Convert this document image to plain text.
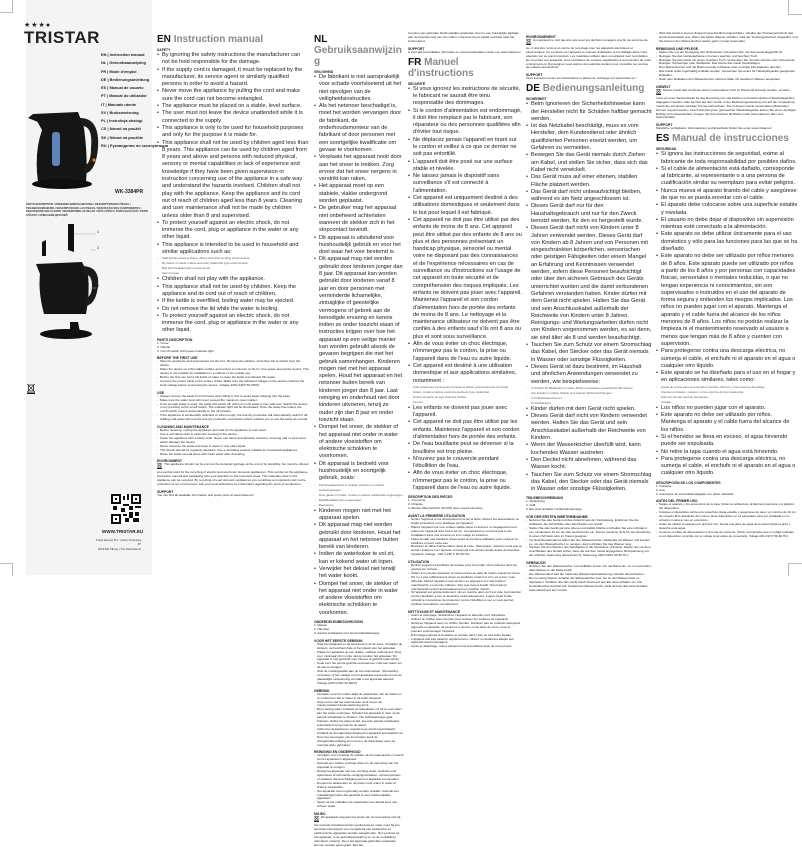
★★★●
TRISTAR
EN | Instruction manual
NL | Gebruiksaanwijzing
FR | Mode d'emploi
DE | Bedienungsanleitung
ES | Manual de usuario
PT | Manual do utilizador
IT | Manuale utente
SV | Bruksanvisning
PL | Instrukcja obsługi
CS | Návod na použití
SK | Návod na použitie
RU | Руководство по эксплуатации
WK-3384PR
PARTS DESCRIPTION / ONDERDELENBESCHRIJVING / DESCRIPTION DES PIÈCES / TEILEBESCHREIBUNG / DESCRIPCIÓN DE LAS PIEZAS / DESCRIÇÃO DOS COMPONENTES / DESCRIZIONE DELLE PARTI / BESKRIVNING AV DELAR / OPIS CZĘŚCI / POPIS SOUČÁSTÍ / POPIS SÚČASTÍ / ОПИСАНИЕ ДЕТАЛЕЙ
1
2
3
WWW.TRISTAR.EU
Tristar Europe B.V. | Jules Verneweg 87
5015 BH Tilburg | The Netherlands
EN Instruction manual
SAFETY
• By ignoring the safety instructions the manufacturer can not be hold responsible for the damage.
• If the supply cord is damaged, it must be replaced by the manufacturer, its service agent or similarly qualified persons in order to avoid a hazard.
• Never move the appliance by pulling the cord and make sure the cord can not become entangled.
• The appliance must be placed on a stable, level surface.
• The user must not leave the device unattended while it is connected to the supply.
• This appliance is only to be used for household purposes and only for the purpose it is made for.
• This appliance shall not be used by children aged less than 8 years. This appliance can be used by children aged from 8 years and above and persons with reduced physical, sensory or mental capabilities or lack of experience and knowledge if they have been given supervision or instruction concerning use of the appliance in a safe way and understand the hazards involved. Children shall not play with the appliance. Keep the appliance and its cord out of reach of children aged less than 8 years. Cleaning and user maintenance shall not be made by children unless older than 8 and supervised.
• To protect yourself against an electric shock, do not immerse the cord, plug or appliance in the water or any other liquid.
• This appliance is intended to be used in household and similar applications such as:
- Staff kitchen areas in shops, offices and other working environments.
- By clients in hotels, motels and other residential type environments.
- Bed and breakfast type environments.
- Farm houses.
• Children shall not play with the appliance.
• This appliance shall not be used by children. Keep the appliance and its cord out of reach of children.
• If the kettle is overfilled, boiling water may be ejected.
• Do not remove the lid while the water is boiling.
• To protect yourself against an electric shock, do not immerse the cord, plug or appliance in the water or any other liquid.
PARTS DESCRIPTION
1. Cover
2. Handle
3. On/ off switch with power indicator light
BEFORE THE FIRST USE
- Take the appliance and accessories out the box. Remove the stickers, protective foil or plastic from the device.
- Place the device on a flat stable surface and ensure a minimum of 10 cm. free space around the device. This device is not suitable for installation in a cabinet or for outside use.
- Before the first use boil a full kettle of water to clean the kettle and discard this water.
- Connect the power cable to the socket. (Note: Make sure the indicated voltage on the device matches the local voltage before connecting the device. Voltage 220V-240V 50-60Hz)
USE
- Always remove the kettle from the base when filling it, this to avoid water dripping into the base.
- Make sure the water level will never exceed the maximum level marker.
- If not enough water is used, the kettle will switch off, with too much water it may spill over. Switch the device on by pressing at the on/off switch. The indicator light will be illuminated. Once the water has boiled, the on/off switch returns automatically to the off position.
- If the appliance is accidentally switched on when empty, the boil-dry protection will automatically switch it off. Adding cold water will cool the boil-dry protection mechanism which enables you to use the kettle as normal.
CLEANING AND MAINTENANCE
- Before cleaning, unplug the appliance and wait for the appliance to cool down.
- Use a soft damp cloth to clean the housing of the device.
- Clean the appliance with a damp cloth. Never use harsh and abrasive cleaners, scouring pad or steel wool, which damage the device.
- Never immerse the kettle and base in water or any other liquid.
- The device should be regularly descaled. Use a descaling product suitable for household appliances.
- Rinse the kettle several times with clean water after descaling.
ENVIRONMENT

This appliance should not be put into the domestic garbage at the end of its durability, but must be offered at a central point for the recycling of electric and electronic domestic appliances. This symbol on the appliance, instruction manual and packaging puts your attention to this important issue. The materials used in this appliance can be recycled. By recycling of used domestic appliances you contribute an important push to the protection of our environment. Ask your local authorities for information regarding the point of recollection.

SUPPORT

You can find all available information and spare parts at www.tristar.eu!

NL Gebruiksaanwijzing
VEILIGHEID
• De fabrikant is niet aansprakelijk voor schade voortvloeiend uit het niet opvolgen van de veiligheidsinstructies.
• Als het netsnoer beschadigd is, moet het worden vervangen door de fabrikant, de onderhoudsmonteur van de fabrikant of door personen met een soortgelijke kwalificatie om gevaar te voorkomen.
• Verplaats het apparaat nooit door aan het snoer te trekken. Zorg ervoor dat het snoer nergens in verstrikt kan raken.
• Het apparaat moet op een stabiele, vlakke ondergrond worden geplaatst.
• De gebruiker mag het apparaat niet onbeheerd achterlaten wanneer de stekker zich in het stopcontact bevindt.
• Dit apparaat is uitsluitend voor huishoudelijk gebruik en voor het doel waar het voor bestemd is.
• Dit apparaat mag niet worden gebruikt door kinderen jonger dan 8 jaar. Dit apparaat kan worden gebruikt door kinderen vanaf 8 jaar en door personen met verminderde lichamelijke, zintuiglijke of geestelijke vermogens of gebrek aan de benodigde ervaring en kennis indien ze onder toezicht staan of instructies krijgen over hoe het apparaat op een veilige manier kan worden gebruikt alsook de gevaren begrijpen die met het gebruik samenhangen. Kinderen mogen niet met het apparaat spelen. Houd het apparaat en het netsnoer buiten bereik van kinderen jonger dan 8 jaar. Laat reiniging en onderhoud niet door kinderen uitvoeren, tenzij ze ouder zijn dan 8 jaar en onder toezicht staan.
• Dompel het snoer, de stekker of het apparaat niet onder in water of andere vloeistoffen om elektrische schokken te voorkomen.
• Dit apparaat is bedoeld voor huishoudelijk en soortgelijk gebruik, zoals:
- Personeelskeukens in winkels, kantoren en andere werkomgevingen.
- Door gasten in hotels, motels en andere residentiële omgevingen.
- Bed&Breakfast-type omgevingen.
- Boerderijen.
• Kinderen mogen niet met het apparaat spelen.
• Dit apparaat mag niet worden gebruikt door kinderen. Houd het apparaat en het netsnoer buiten bereik van kinderen.
• Indien de waterkoker te vol zit, kan er kokend water uit lopen.
• Verwijder het deksel niet terwijl het water kookt.
• Dompel het snoer, de stekker of het apparaat niet onder in water of andere vloeistoffen om elektrische schokken te voorkomen.
ONDERDELENBESCHRIJVING
1. Deksel
2. Handvat
3. Aan/uit schakelaar met stroomindicatielampje
VOOR HET EERSTE GEBRUIK
- Haal het apparaat en de accessoires uit de doos. Verwijder de stickers, de beschermfolie of het plastic van het apparaat.
- Plaats het apparaat op een vlakke, stabiele ondergrond. Zorg voor minimaal 10 cm vrije ruimte rondom het apparaat. Dit apparaat is niet geschikt voor inbouw of gebruik buitenshuis.
- Kook voor het eerste gebruik eenmaal een volle kan water om de kan te reinigen.
- Sluit de voedingskabel aan op het stopcontact. (Opmerking: controleer of het voltage op het apparaat overeenkomt met de plaatselijke netspanning voordat u het apparaat aansluit. Voltage 220V-240V 50-60Hz)
GEBRUIK
- Verwijder voor het vullen altijd de waterkoker van de basis om te voorkomen dat er water in de basis druppelt.
- Zorg ervoor dat het waterniveau nooit boven de maximumwaterniveaumarkering komt.
- Bij te weinig water schakelt de waterkoker uit, bij te veel water kan het water overlopen. Schakel het apparaat in door op de aan/uit-schakelaar te drukken. Het indicatielampje gaat branden. Zodra het water kookt, keert de aan/uit-schakelaar automatisch terug naar de uit-stand.
- Indien het apparaat per ongeluk leeg wordt ingeschakeld, schakelt de droogkookbeveiliging het apparaat automatisch uit. Door het toevoegen van koud water koelt de droogkookbeveiliging af en kunt u de waterkoker weer op normale wijze gebruiken.
REINIGING EN ONDERHOUD
- Verwijder voor reiniging de stekker uit het stopcontact en wacht tot het apparaat is afgekoeld.
- Gebruik een zachte vochtige doek om de behuizing van het apparaat te reinigen.
- Reinig het apparaat met een vochtige doek. Gebruik nooit agressieve of schurende reinigingsmiddelen, schuursponsjes of staalwol, die beschadiging aan het apparaat veroorzaken.
- Dompel de waterkoker en de basis nooit onder in water of andere vloeistoffen.
- Het apparaat moet regelmatig worden ontkalkt. Gebruik een ontkalkingsproduct dat geschikt is voor huishoudelijke apparaten.
- Spoel na het ontkalken de waterkoker een aantal keer met schoon water.
MILIEU

Dit apparaat mag aan het einde van de levensduur niet bij het normale huisafval worden gedeponeerd, maar moet bij een speciaal inzamelpunt voor hergebruik van elektrische en elektronische apparaten worden aangeboden. Het symbool op het apparaat, in de gebruiksaanwijzing en op de verpakking attendeert u hierop. De in het apparaat gebruikte materialen kunnen worden gerecycled. Met het

recyclen van gebruikte huishoudelijke apparaten levert u een belangrijke bijdrage aan de bescherming van ons milieu. Informeer bij uw lokale overheid naar het inzamelpunt.

SUPPORT

U kunt alle beschikbare informatie en reserveonderdelen vinden op www.tristar.eu!

FR Manuel d'instructions
SÉCURITÉ
• Si vous ignorez les instructions de sécurité, le fabricant ne saurait être tenu responsable des dommages.
• Si le cordon d'alimentation est endommagé, il doit être remplacé par le fabricant, son réparateur ou des personnes qualifiées afin d'éviter tout risque.
• Ne déplacez jamais l'appareil en tirant sur le cordon et veillez à ce que ce dernier ne soit pas entortillé.
• L'appareil doit être posé sur une surface stable et nivelée.
• Ne laissez jamais le dispositif sans surveillance s'il est connecté à l'alimentation.
• Cet appareil est uniquement destiné à des utilisations domestiques et seulement dans le but pour lequel il est fabriqué.
• Cet appareil ne doit pas être utilisé par des enfants de moins de 8 ans. Cet appareil peut être utilisé par des enfants de 8 ans ou plus et des personnes présentant un handicap physique, sensoriel ou mental voire ne disposant pas des connaissances et de l'expérience nécessaires en cas de surveillance ou d'instructions sur l'usage de cet appareil en toute sécurité et de compréhension des risques impliqués. Les enfants ne doivent pas jouer avec l'appareil. Maintenez l'appareil et son cordon d'alimentation hors de portée des enfants de moins de 8 ans. Le nettoyage et la maintenance utilisateur ne doivent pas être confiés à des enfants sauf s'ils ont 8 ans ou plus et sont sous surveillance.
• Afin de vous éviter un choc électrique, n'immergez pas le cordon, la prise ou l'appareil dans de l'eau ou autre liquide.
• Cet appareil est destiné à une utilisation domestique et aux applications similaires, notamment :
- Coin cuisine des commerces, bureaux et autres environnements de travail.
- Hôtels, motels et autres environnements de type résidentiel.
- Environnements de type chambre d'hôtes.
- Fermes.
• Les enfants ne doivent pas jouer avec l'appareil.
• Cet appareil ne doit pas être utilisé par les enfants. Maintenez l'appareil et son cordon d'alimentation hors de portée des enfants.
• De l'eau bouillante peut se déverser si la bouilloire est trop pleine.
• N'ouvrez pas le couvercle pendant l'ébullition de l'eau.
• Afin de vous éviter un choc électrique, n'immergez pas le cordon, la prise ou l'appareil dans de l'eau ou autre liquide.
DESCRIPTION DES PIÈCES
1. Couvercle
2. Poignée
3. Bouton Marche/Arrêt (On/Off) avec voyant lumineux
AVANT LA PREMIÈRE UTILISATION
- Sortez l'appareil et les accessoires hors de la boîte. Retirez les autocollants, la feuille protectrice ou le plastique de l'appareil.
- Placez l'appareil sur une surface stable plane et assurez un dégagement tout autour de l'appareil d'au moins 10 cm. Cet appareil ne convient pas à une installation dans une armoire ou à un usage à l'extérieur.
- Faites bouillir une bouilloire d'eau avant la première utilisation pour nettoyer la bouilloire et jetez cette eau.
- Branchez le câble d'alimentation dans la prise. (Remarque : Assurez-vous que la tension indiquée sur l'appareil correspond à la tension locale avant de brancher l'appareil. Voltage : 220 V-240 V 50-60 Hz).
UTILISATION
- Retirez toujours la bouilloire de la base pour la remplir. Vous éviterez ainsi les gouttes sur la base.
- Veillez à ne jamais dépasser le niveau d'eau au-delà du repère maximum d'eau.
- S'il n'y a pas suffisamment d'eau, la bouilloire s'éteint et s'il y en a trop, l'eau déborde. Mettez l'appareil sous tension en appuyant sur l'interrupteur marche/arrêt. Le témoin s'allume. Dès que l'eau a bouilli, l'interrupteur marche/arrêt revient automatiquement en position d'arrêt.
- Si l'appareil est accidentellement mis en marche alors qu'il est vide, la protection contre l'ébullition à sec le désactive automatiquement. L'ajout d'eau froide refroidit le mécanisme de protection contre l'ébullition à sec et vous permet d'utiliser la bouilloire normalement.
NETTOYAGE ET MAINTENANCE
- Avant le nettoyage, débranchez l'appareil et attendez qu'il refroidisse.
- Utilisez un chiffon doux humide pour nettoyer les surfaces de l'appareil.
- Nettoyez l'appareil avec un chiffon humide. N'utilisez pas de produits nettoyants agressifs ou abrasifs, de tampons à récurer ou de laine de verre, ceux-ci pouvant endommager l'appareil.
- N'immergez jamais la bouilloire et la base dans l'eau ou tout autre liquide.
- L'appareil doit être détartré régulièrement. Utilisez un détartrant adapté aux appareils électroménagers.
- Après le détartrage, rincez plusieurs fois la bouilloire avec de l'eau propre.
ENVIRONNEMENT

Cet appareil ne doit pas être jeté avec les déchets ménagers à la fin de sa durée de vie, il doit être remis à un centre de recyclage pour les appareils électriques et électroniques. Ce symbole sur l'appareil, le manuel d'utilisation et l'emballage attire votre attention sur ce point important. Les matériaux utilisés dans cet appareil sont recyclables. En recyclant vos appareils, vous contribuez de manière significative à la protection de notre environnement. Renseignez-vous auprès des autorités locales pour connaître les centres de collecte des déchets.

SUPPORT

Vous trouverez toutes les informations et pièces de rechange sur www.tristar.eu !

DE Bedienungsanleitung
SICHERHEIT
• Beim Ignorieren der Sicherheitshinweise kann der Hersteller nicht für Schäden haftbar gemacht werden.
• Ist das Netzkabel beschädigt, muss es vom Hersteller, dem Kundendienst oder ähnlich qualifizierten Personen ersetzt werden, um Gefahren zu vermeiden.
• Bewegen Sie das Gerät niemals durch Ziehen am Kabel, und stellen Sie sicher, dass sich das Kabel nicht verwickelt.
• Das Gerät muss auf einer ebenen, stabilen Fläche platziert werden.
• Das Gerät darf nicht unbeaufsichtigt bleiben, während es am Netz angeschlossen ist.
• Dieses Gerät darf nur für den Haushaltsgebrauch und nur für den Zweck benutzt werden, für den es hergestellt wurde.
• Dieses Gerät darf nicht von Kindern unter 8 Jahren verwendet werden. Dieses Gerät darf von Kindern ab 8 Jahren und von Personen mit eingeschränkten körperlichen, sensorischen oder geistigen Fähigkeiten oder einem Mangel an Erfahrung und Kenntnissen verwendet werden, sofern diese Personen beaufsichtigt oder über den sicheren Gebrauch des Geräts unterrichtet wurden und die damit verbundenen Gefahren verstanden haben. Kinder dürfen mit dem Gerät nicht spielen. Halten Sie das Gerät und sein Anschlusskabel außerhalb der Reichweite von Kindern unter 8 Jahren. Reinigungs- und Wartungsarbeiten dürfen nicht von Kindern vorgenommen werden, es sei denn, sie sind älter als 8 und werden beaufsichtigt.
• Tauchen Sie zum Schutz vor einem Stromschlag das Kabel, den Stecker oder das Gerät niemals in Wasser oder sonstige Flüssigkeiten.
• Dieses Gerät ist dazu bestimmt, im Haushalt und ähnlichen Anwendungen verwendet zu werden, wie beispielsweise:
- In Küchen für Mitarbeiter in Läden, Büros und anderen gewerblichen Bereichen.
- Von Kunden in Hotels, Motels und anderen Wohneinrichtungen.
- In Frühstückspensionen.
- In Gutshäusern.
• Kinder dürfen mit dem Gerät nicht spielen.
• Dieses Gerät darf nicht von Kindern verwendet werden. Halten Sie das Gerät und sein Anschlusskabel außerhalb der Reichweite von Kindern.
• Wenn der Wasserkocher überfüllt wird, kann kochendes Wasser austreten.
• Den Deckel nicht abnehmen, während das Wasser kocht.
• Tauchen Sie zum Schutz vor einem Stromschlag das Kabel, den Stecker oder das Gerät niemals in Wasser oder sonstige Flüssigkeiten.
TEILEBESCHREIBUNG
1. Abdeckung
2. Griff
3. Ein-/Aus-Schalter mit Betriebsanzeige
VOR DER ERSTEN INBETRIEBNAHME
- Nehmen Sie das Gerät und das Zubehör aus der Verpackung. Entfernen Sie die Aufkleber, die Schutzfolie oder das Plastik vom Gerät.
- Stellen Sie das Gerät auf eine ebene und stabile Fläche und halten Sie einen Abstand von mindestens 10 cm um das Gerät herum ein. Dieses Gerät ist nicht für den Anschluss in einem Schrank oder im Freien geeignet.
- Vor Erstinbetriebnahme füllen Sie den Wasserkocher vollständig mit Wasser und kochen es, um den Wasserkocher zu reinigen, dann schütten Sie das Wasser weg.
- Stecken Sie den Stecker des Netzkabels in die Steckdose. (Hinweis: Stellen Sie vor dem Anschließen des Geräts sicher, dass die auf dem Gerät angegebene Netzspannung mit der örtlichen Spannung übereinstimmt. Spannung 220V-240V 50-60 Hz.)
GEBRAUCH
- Nehmen Sie den Wasserkocher zum Auffüllen immer von der Basis ab, um zu vermeiden, dass Wasser in die Basis tropft.
- Der Wasserstand darf die maximale Wasserstandmarkierung niemals überschreiten.
- Bei zu wenig Wasser schaltet der Wasserkocher aus, bei zu viel Wasser kann es überlaufen. Schalten Sie das Gerät durch Druck auf den Ein-/Aus-Schalter ein. Die Kontrollleuchte leuchtet auf. Sobald das Wasser kocht, stellt sich der Ein-/Aus-Schalter automatisch auf aus zurück.
- Wird das Gerät in leerem Zustand versehentlich eingeschaltet, schaltet der Trockengehschutz das Gerät automatisch aus. Wenn Sie kaltes Wasser einfüllen, wird der Trockengehschutz abgekühlt, und Sie können den Wasserkocher wieder ganz normal verwenden.
REINIGUNG UND PFLEGE
- Ziehen Sie vor der Reinigung den Netzstecker und warten Sie, bis das Gerät abgekühlt ist.
- Reinigen Sie das Gerätegehäuse mit einem weichen und feuchten Tuch.
- Reinigen Sie das Gerät mit einem feuchten Tuch. Verwenden Sie niemals scharfe oder scheuernde Reiniger, Topfreiniger oder Stahlwolle. Das würde das Gerät beschädigen.
- Den Wasserkocher und die Basis niemals in Wasser oder sonstige Flüssigkeiten tauchen.
- Das Gerät sollte regelmäßig entkalkt werden. Verwenden Sie einen für Haushaltsgeräte geeigneten Entkalker.
- Nach dem Entkalken den Wasserkocher mehrere Male mit sauberem Wasser ausspülen.
UMWELT

Dieses Gerät darf am Ende seiner Lebensdauer nicht im Hausmüll entsorgt werden, sondern muss an einer Sammelstelle für das Recycling von elektrischen und elektronischen Haushaltsgeräten abgegeben werden. Das Symbol auf dem Gerät, in der Bedienungsanleitung und auf der Verpackung macht Sie auf dieses wichtige Thema aufmerksam. Die in diesem Gerät verwendeten Materialien können recycelt werden. Durch das Recyceln gebrauchter Haushaltsgeräte leisten Sie einen wichtigen Beitrag zum Umweltschutz. Fragen Sie Ihre örtlichen Behörden nach Informationen über eine Sammelstelle.

SUPPORT

Sämtliche verfügbaren Informationen und Ersatzteile finden Sie unter www.tristar.eu!

ES Manual de instrucciones
SEGURIDAD
• Si ignora las instrucciones de seguridad, exime al fabricante de toda responsabilidad por posibles daños.
• Si el cable de alimentación está dañado, corresponde al fabricante, al representante o a una persona de cualificación similar su reemplazo para evitar peligros.
• Nunca mueva el aparato tirando del cable y asegúrese de que no se pueda enredar con el cable.
• El aparato debe colocarse sobre una superficie estable y nivelada.
• El usuario no debe dejar el dispositivo sin supervisión mientras esté conectado a la alimentación.
• Este aparato se debe utilizar únicamente para el uso doméstico y sólo para las funciones para las que se ha diseñado.
• Este aparato no debe ser utilizado por niños menores de 8 años. Este aparato puede ser utilizado por niños a partir de los 8 años y por personas con capacidades físicas, sensoriales o mentales reducidas, o que no tengan experiencia ni conocimientos, sin son supervisados o instruidos en el uso del aparato de forma segura y entienden los riesgos implicados. Los niños no pueden jugar con el aparato. Mantenga el aparato y el cable fuera del alcance de los niños menores de 8 años. Los niños no podrán realizar la limpieza ni el mantenimiento reservado al usuario a menos que tengan más de 8 años y cuenten con supervisión.
• Para protegerse contra una descarga eléctrica, no sumerja el cable, el enchufe ni el aparato en el agua o cualquier otro líquido.
• Este aparato se ha diseñado para el uso en el hogar y en aplicaciones similares, tales como:
- Zonas de cocina para el personal en tiendas, oficinas y otros entornos de trabajo.
- Clientes en hoteles, moteles y otros entornos de tipo residencial.
- Entornos de tipo casa de huéspedes.
- Granjas.
• Los niños no pueden jugar con el aparato.
• Este aparato no debe ser utilizado por niños. Mantenga el aparato y el cable fuera del alcance de los niños.
• Si el hervidor se llena en exceso, el agua hirviendo puede ser expulsada.
• No retire la tapa cuando el agua está hirviendo.
• Para protegerse contra una descarga eléctrica, no sumerja el cable, el enchufe ni el aparato en el agua o cualquier otro líquido.
DESCRIPCIÓN DE LOS COMPONENTES
1. Cubierta
2. Asa
3. Interruptor de encendido/apagado con piloto indicador
ANTES DEL PRIMER USO
- Saque el aparato y los accesorios de la caja. Quite los adhesivos, la lámina protectora o el plástico del dispositivo.
- Coloque el dispositivo sobre una superficie plana estable y asegúrese de tener un mínimo de 10 cm de espacio libre alrededor del mismo. Este dispositivo no es apropiado para ser instalado en un armario ni para el uso en exteriores.
- Antes de utilizar el aparato por primera vez, hierva una jarra de agua llena para limpiar la jarra y deseche esta agua.
- Conecte el cable de alimentación a la toma de corriente. (Nota: Compruebe que el voltaje indicado en el dispositivo coincide con el voltaje local antes de conectarlo. Voltaje 220-240 V 50-60 Hz).
